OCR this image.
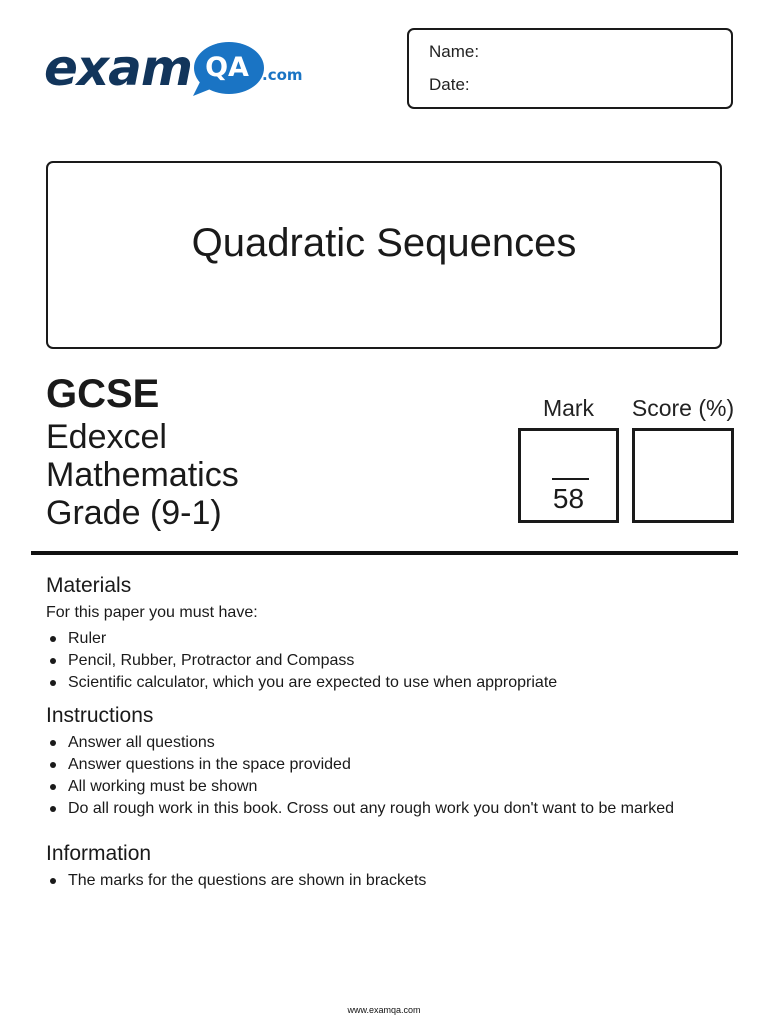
exam QA .com
Name:
Date:
Quadratic Sequences
GCSE
Edexcel
Mathematics
Grade (9-1)
Mark	Score (%)
58
Materials
For this paper you must have:
Ruler
Pencil, Rubber, Protractor and Compass
Scientific calculator, which you are expected to use when appropriate
Instructions
Answer all questions
Answer questions in the space provided
All working must be shown
Do all rough work in this book. Cross out any rough work you don't want to be marked
Information
The marks for the questions are shown in brackets
www.examqa.com
